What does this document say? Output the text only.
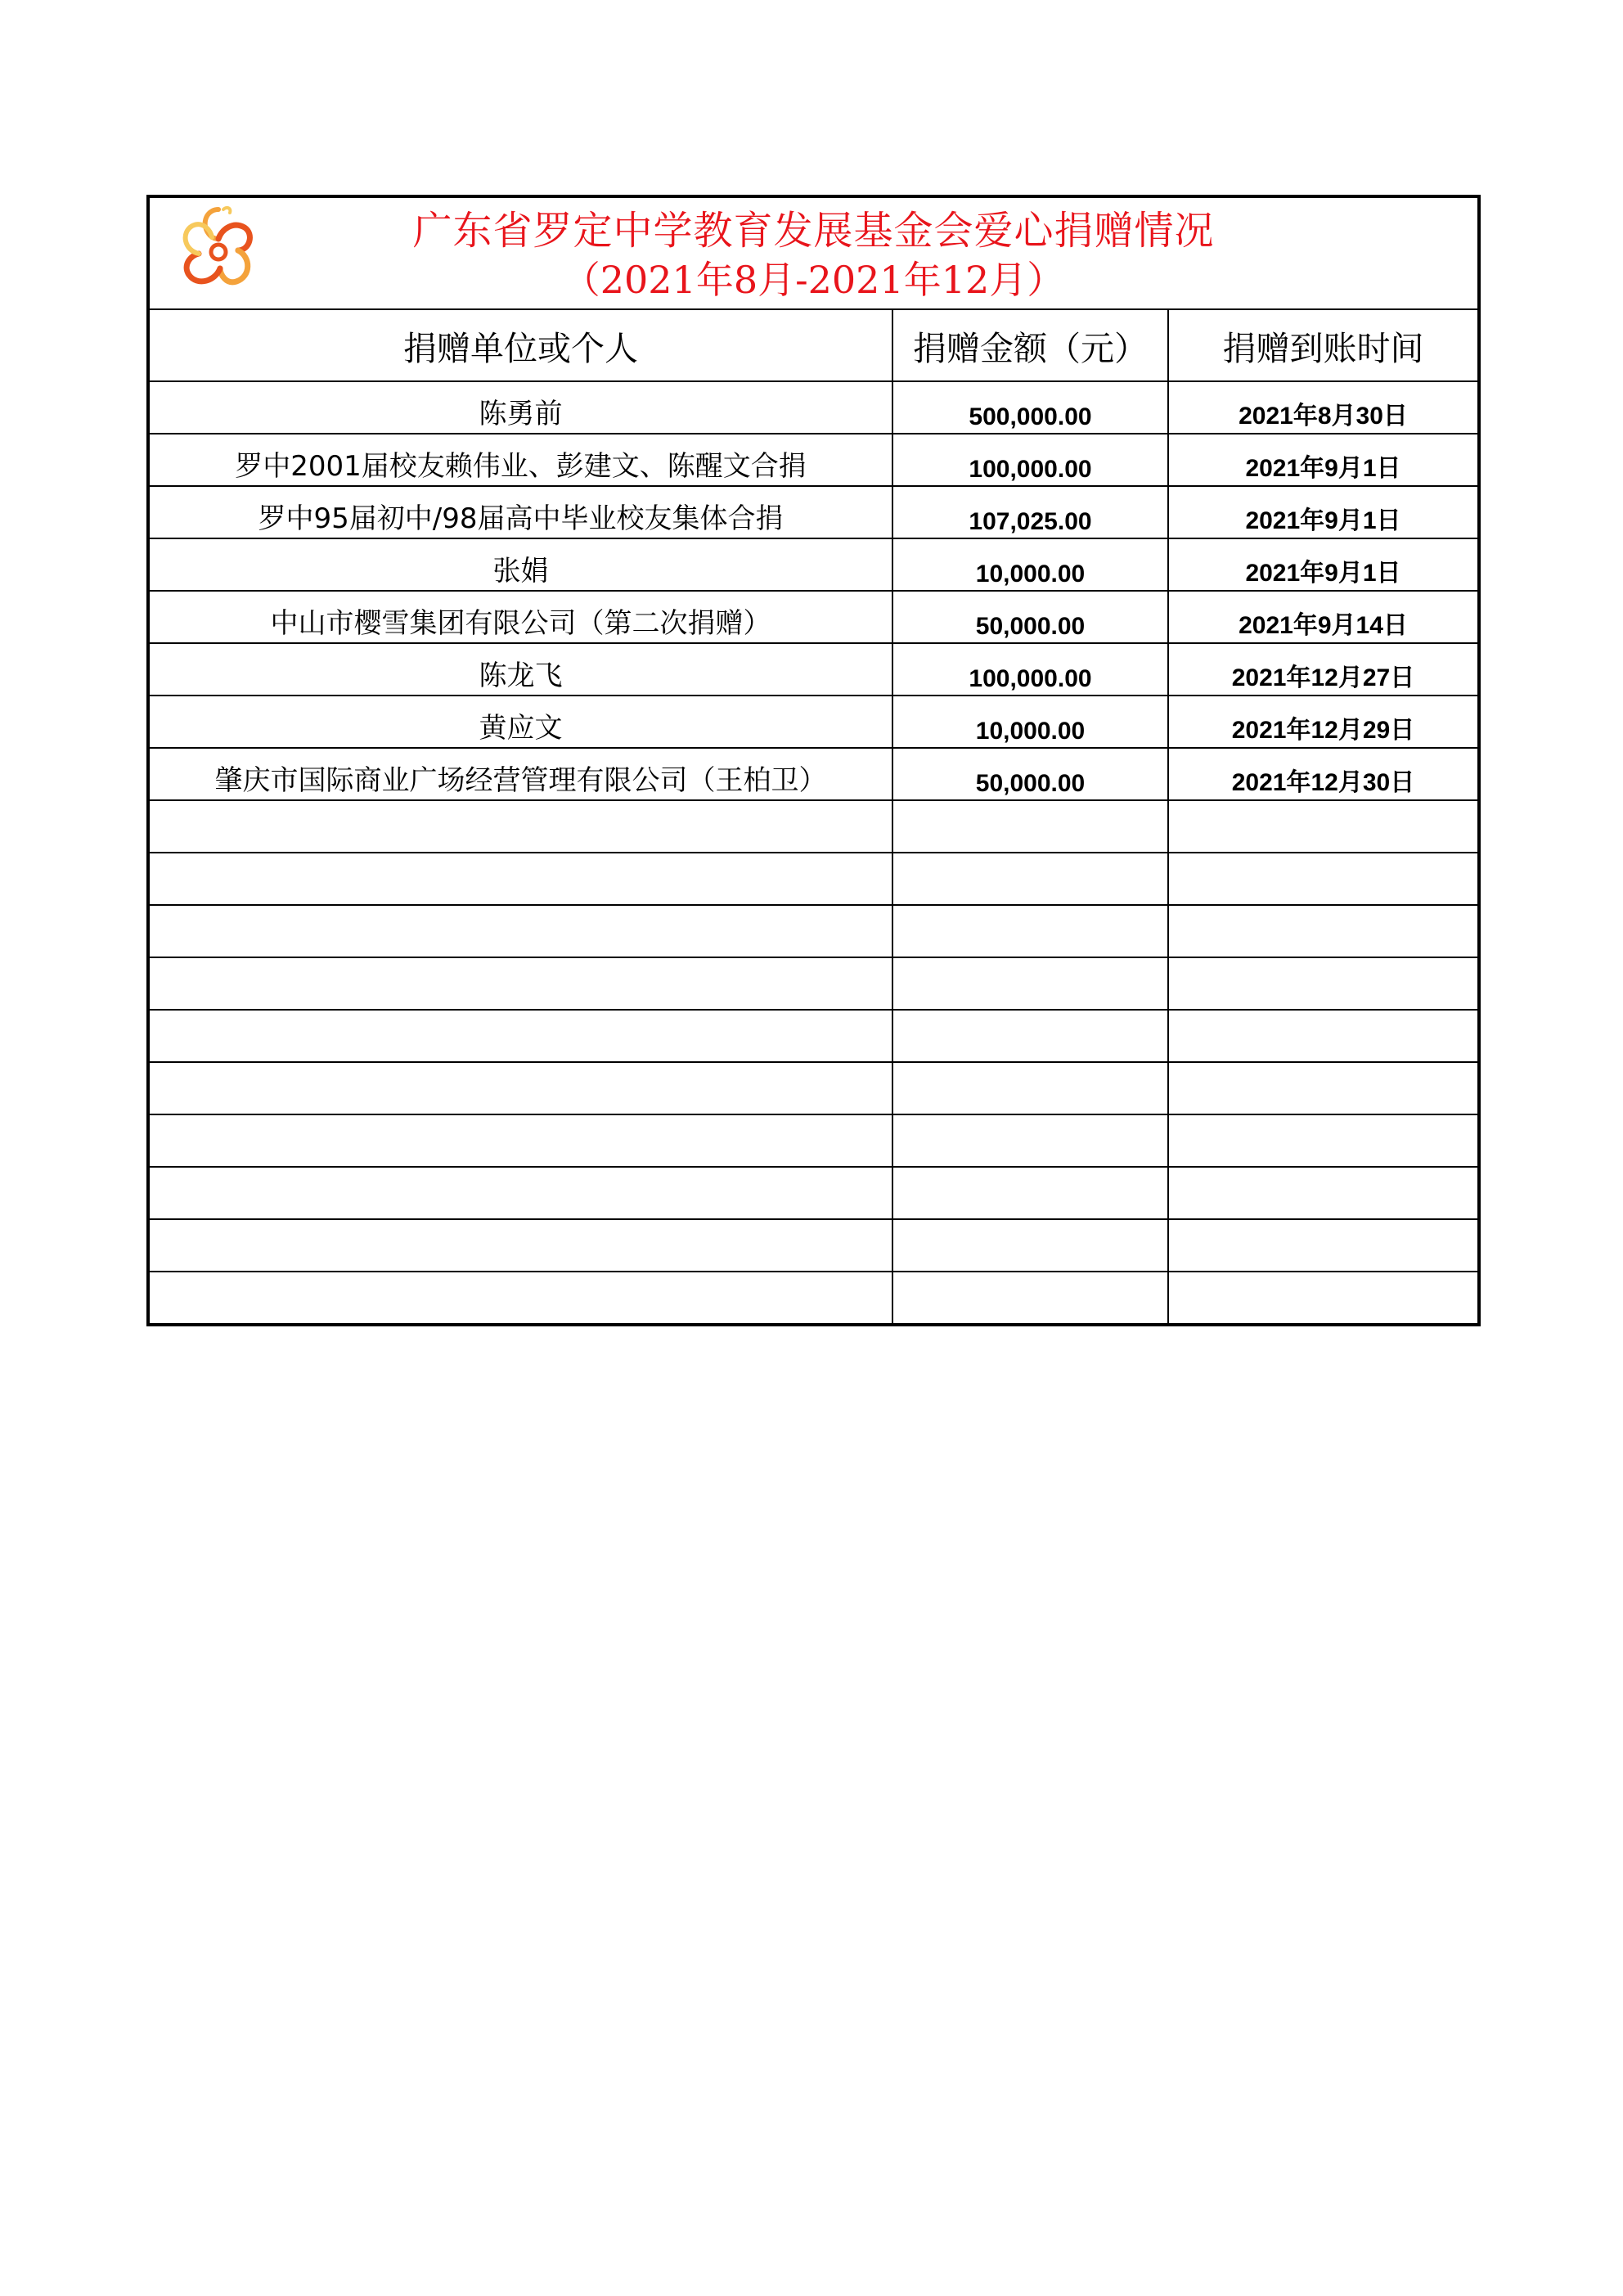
广东省罗定中学教育发展基金会爱心捐赠情况
（2021年8月-2021年12月）
捐赠单位或个人	捐赠金额（元）	捐赠到账时间
陈勇前	500,000.00	2021年8月30日
罗中2001届校友赖伟业、彭建文、陈醒文合捐	100,000.00	2021年9月1日
罗中95届初中/98届高中毕业校友集体合捐	107,025.00	2021年9月1日
张娟	10,000.00	2021年9月1日
中山市樱雪集团有限公司（第二次捐赠）	50,000.00	2021年9月14日
陈龙飞	100,000.00	2021年12月27日
黄应文	10,000.00	2021年12月29日
肇庆市国际商业广场经营管理有限公司（王柏卫）	50,000.00	2021年12月30日
